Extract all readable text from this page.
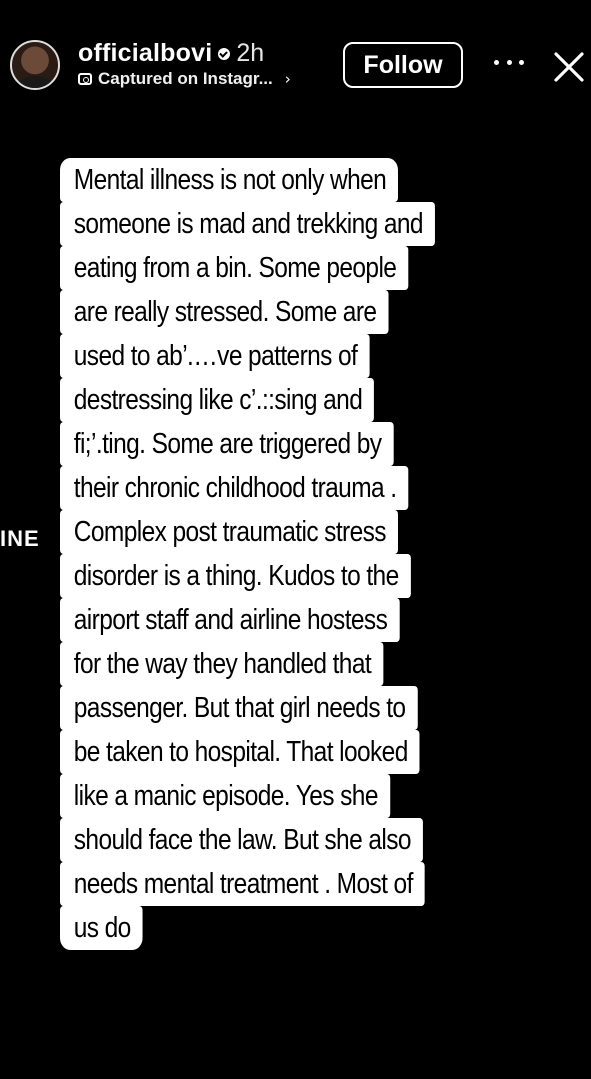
officialbovi 2h
Captured on Instagr... ›
Follow
INE
Mental illness is not only when
someone is mad and trekking and
eating from a bin. Some people
are really stressed. Some are
used to ab’.…ve patterns of
destressing like c’.::sing and
fi;’.ting. Some are triggered by
their chronic childhood trauma .
Complex post traumatic stress
disorder is a thing. Kudos to the
airport staff and airline hostess
for the way they handled that
passenger. But that girl needs to
be taken to hospital. That looked
like a manic episode. Yes she
should face the law. But she also
needs mental treatment . Most of
us do
